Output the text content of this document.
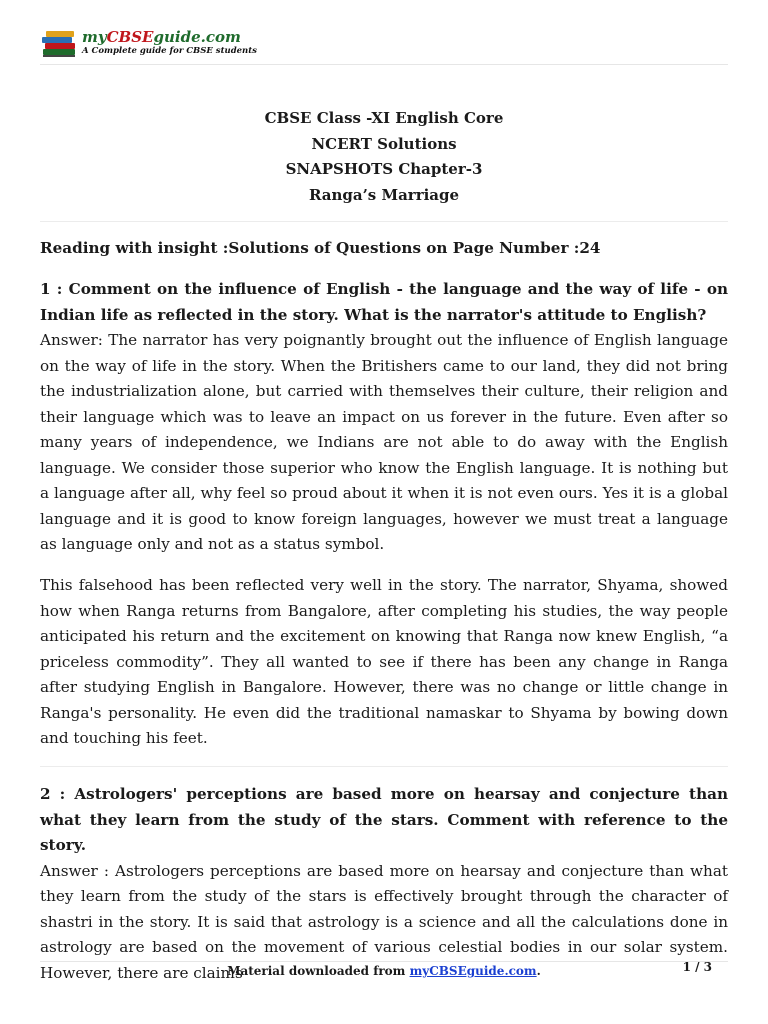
myCBSEguide.com
A Complete guide for CBSE students
CBSE Class -XI English Core
NCERT Solutions
SNAPSHOTS Chapter-3
Ranga’s Marriage

Reading with insight :Solutions of Questions on Page Number :24

1 : Comment on the influence of English - the language and the way of life - on Indian life as reflected in the story. What is the narrator's attitude to English?

Answer: The narrator has very poignantly brought out the influence of English language on the way of life in the story. When the Britishers came to our land, they did not bring the industrialization alone, but carried with themselves their culture, their religion and their language which was to leave an impact on us forever in the future. Even after so many years of independence, we Indians are not able to do away with the English language. We consider those superior who know the English language. It is nothing but a language after all, why feel so proud about it when it is not even ours. Yes it is a global language and it is good to know foreign languages, however we must treat a language as language only and not as a status symbol.

This falsehood has been reflected very well in the story. The narrator, Shyama, showed how when Ranga returns from Bangalore, after completing his studies, the way people anticipated his return and the excitement on knowing that Ranga now knew English, “a priceless commodity”. They all wanted to see if there has been any change in Ranga after studying English in Bangalore. However, there was no change or little change in Ranga's personality. He even did the traditional namaskar to Shyama by bowing down and touching his feet.

2 : Astrologers' perceptions are based more on hearsay and conjecture than what they learn from the study of the stars. Comment with reference to the story.

Answer : Astrologers perceptions are based more on hearsay and conjecture than what they learn from the study of the stars is effectively brought through the character of shastri in the story. It is said that astrology is a science and all the calculations done in astrology are based on the movement of various celestial bodies in our solar system. However, there are claims

Material downloaded from myCBSEguide.com.	1 / 3
